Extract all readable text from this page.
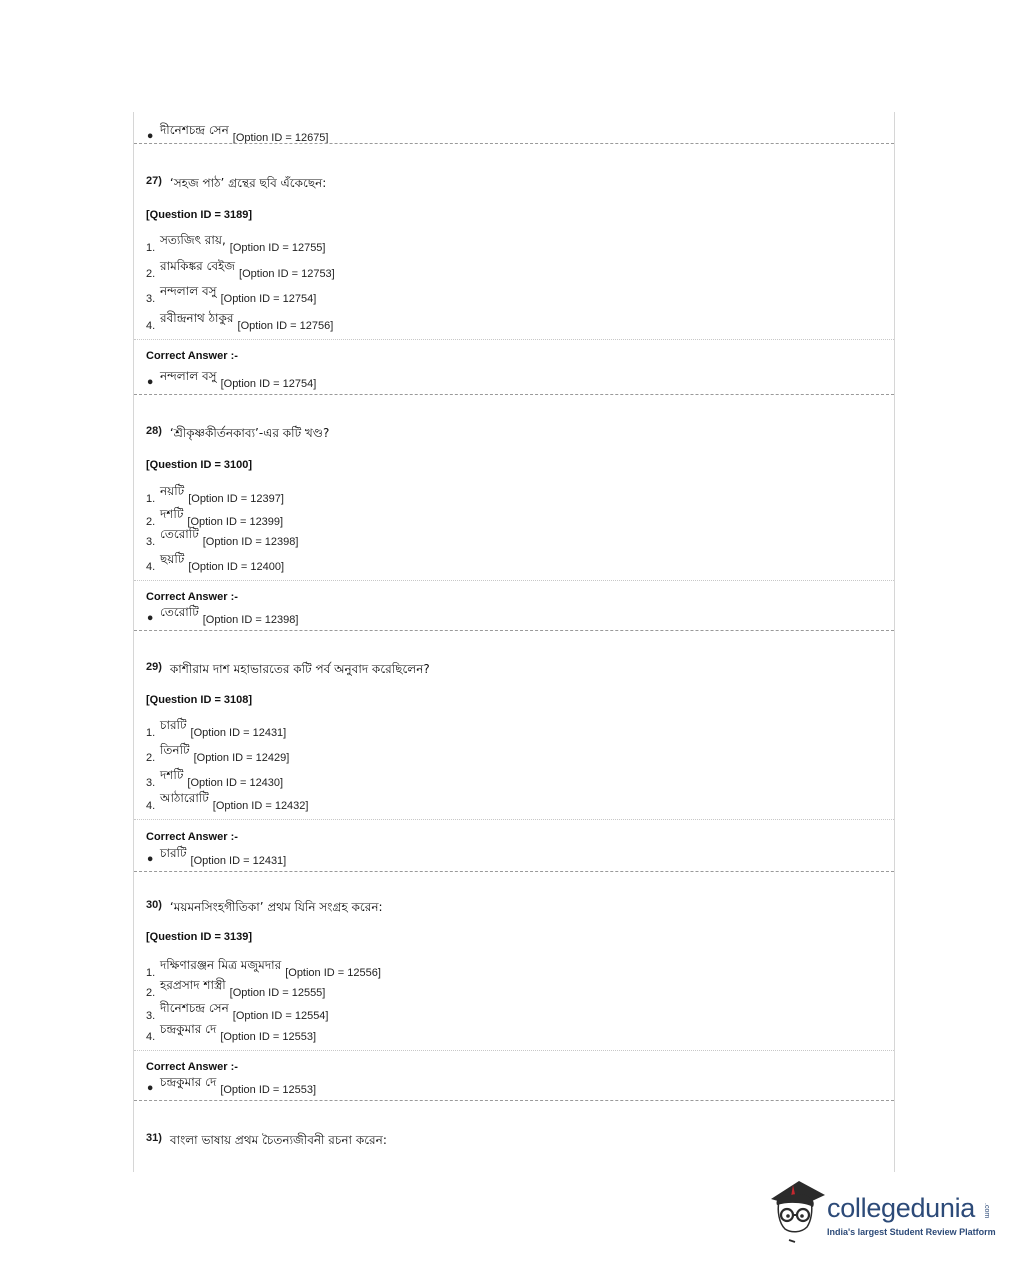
• $^{দীনেশচন্দ্র সেন}$[Option ID = 12675]
27) ‘সহজ পাঠ’ গ্রন্থের ছবি এঁকেছেন:
[Question ID = 3189]
1.$^{সত্যজিৎ রায়,}$[Option ID = 12755]
2.$^{রামকিঙ্কর বেইজ}$[Option ID = 12753]
3.$^{নন্দলাল বসু}$[Option ID = 12754]
4.$^{রবীন্দ্রনাথ ঠাকুর}$[Option ID = 12756]
Correct Answer :-
• $^{নন্দলাল বসু}$[Option ID = 12754]
28) ‘শ্রীকৃষ্ণকীর্তনকাব্য’-এর কটি খণ্ড?
[Question ID = 3100]
1.$^{নয়টি}$[Option ID = 12397]
2.$^{দশটি}$[Option ID = 12399]
3.$^{তেরোটি}$[Option ID = 12398]
4.$^{ছয়টি}$[Option ID = 12400]
Correct Answer :-
• $^{তেরোটি}$[Option ID = 12398]
29) কাশীরাম দাশ মহাভারতের কটি পর্ব অনুবাদ করেছিলেন?
[Question ID = 3108]
1.$^{চারটি}$[Option ID = 12431]
2.$^{তিনটি}$[Option ID = 12429]
3.$^{দশটি}$[Option ID = 12430]
4.$^{আঠারোটি}$[Option ID = 12432]
Correct Answer :-
• $^{চারটি}$[Option ID = 12431]
30) ‘ময়মনসিংহগীতিকা’ প্রথম যিনি সংগ্রহ করেন:
[Question ID = 3139]
1.$^{দক্ষিণারঞ্জন মিত্র মজুমদার}$[Option ID = 12556]
2.$^{হরপ্রসাদ শাস্ত্রী}$[Option ID = 12555]
3.$^{দীনেশচন্দ্র সেন}$[Option ID = 12554]
4.$^{চন্দ্রকুমার দে}$[Option ID = 12553]
Correct Answer :-
• $^{চন্দ্রকুমার দে}$[Option ID = 12553]
31) বাংলা ভাষায় প্রথম চৈতন্যজীবনী রচনা করেন:
collegedunia .com
India's largest Student Review Platform
